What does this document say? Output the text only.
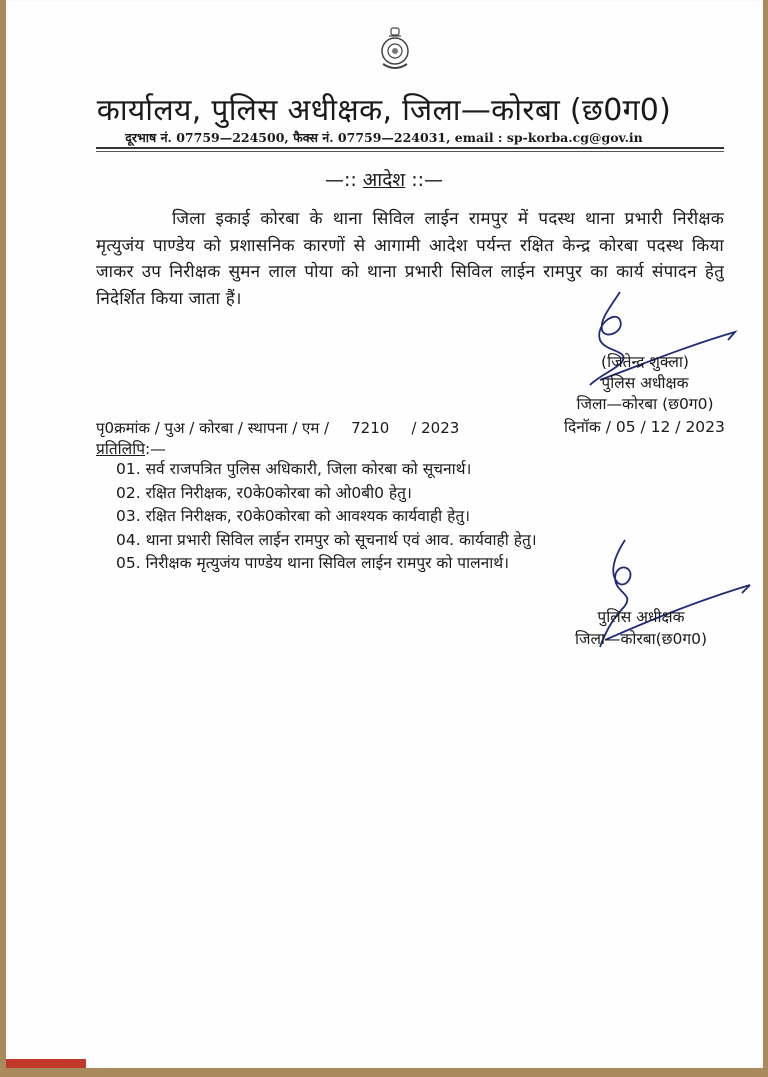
कार्यालय, पुलिस अधीक्षक, जिला—कोरबा (छ0ग0)
दूरभाष नं. 07759—224500, फैक्स नं. 07759—224031, email : sp-korba.cg@gov.in
—:: आदेश ::—
जिला इकाई कोरबा के थाना सिविल लाईन रामपुर में पदस्थ थाना प्रभारी निरीक्षक मृत्युजंय पाण्डेय को प्रशासनिक कारणों से आगामी आदेश पर्यन्त रक्षित केन्द्र कोरबा पदस्थ किया जाकर उप निरीक्षक सुमन लाल पोया को थाना प्रभारी सिविल लाईन रामपुर का कार्य संपादन हेतु निदेर्शित किया जाता हैं।
(जितेन्द्र शुक्ला)
पुलिस अधीक्षक
जिला—कोरबा (छ0ग0)
पृ0क्रमांक / पुअ / कोरबा / स्थापना / एम / 7210 / 2023	दिनॉक / 05 / 12 / 2023
प्रतिलिपि:—
01. सर्व राजपत्रित पुलिस अधिकारी, जिला कोरबा को सूचनार्थ।
02. रक्षित निरीक्षक, र0के0कोरबा को ओ0बी0 हेतु।
03. रक्षित निरीक्षक, र0के0कोरबा को आवश्यक कार्यवाही हेतु।
04. थाना प्रभारी सिविल लाईन रामपुर को सूचनार्थ एवं आव. कार्यवाही हेतु।
05. निरीक्षक मृत्युजंय पाण्डेय थाना सिविल लाईन रामपुर को पालनार्थ।
पुलिस अधीक्षक
जिला—कोरबा(छ0ग0)
